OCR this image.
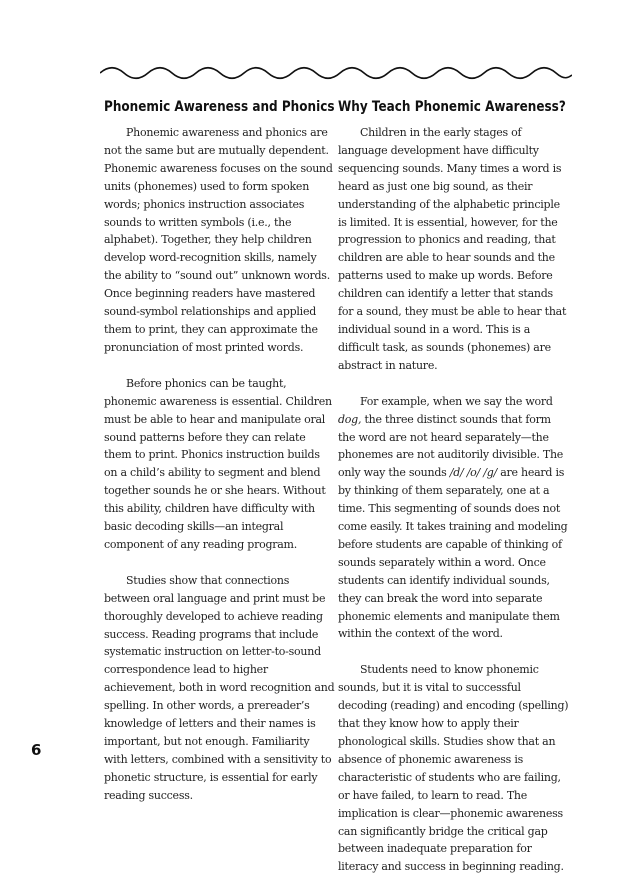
Phonemic Awareness and Phonics

Phonemic awareness and phonics are not the same but are mutually dependent. Phonemic awareness focuses on the sound units (phonemes) used to form spoken words; phonics instruction associates sounds to written symbols (i.e., the alphabet). Together, they help children develop word-recognition skills, namely the ability to “sound out” unknown words. Once beginning readers have mastered sound-symbol relationships and applied them to print, they can approximate the pronunciation of most printed words.

Before phonics can be taught, phonemic awareness is essential. Children must be able to hear and manipulate oral sound patterns before they can relate them to print. Phonics instruction builds on a child’s ability to segment and blend together sounds he or she hears. Without this ability, children have difficulty with basic decoding skills—an integral component of any reading program.

Studies show that connections between oral language and print must be thoroughly developed to achieve reading success. Reading programs that include systematic instruction on letter-to-sound correspondence lead to higher achievement, both in word recognition and spelling. In other words, a prereader’s knowledge of letters and their names is important, but not enough. Familiarity with letters, combined with a sensitivity to phonetic structure, is essential for early reading success.

Why Teach Phonemic Awareness?

Children in the early stages of language development have difficulty sequencing sounds. Many times a word is heard as just one big sound, as their understanding of the alphabetic principle is limited. It is essential, however, for the progression to phonics and reading, that children are able to hear sounds and the patterns used to make up words. Before children can identify a letter that stands for a sound, they must be able to hear that individual sound in a word. This is a difficult task, as sounds (phonemes) are abstract in nature.

For example, when we say the word dog, the three distinct sounds that form the word are not heard separately—the phonemes are not auditorily divisible. The only way the sounds /d/ /o/ /g/ are heard is by thinking of them separately, one at a time. This segmenting of sounds does not come easily. It takes training and modeling before students are capable of thinking of sounds separately within a word. Once students can identify individual sounds, they can break the word into separate phonemic elements and manipulate them within the context of the word.

Students need to know phonemic sounds, but it is vital to successful decoding (reading) and encoding (spelling) that they know how to apply their phonological skills. Studies show that an absence of phonemic awareness is characteristic of students who are failing, or have failed, to learn to read. The implication is clear—phonemic awareness can significantly bridge the critical gap between inadequate preparation for literacy and success in beginning reading.

6
